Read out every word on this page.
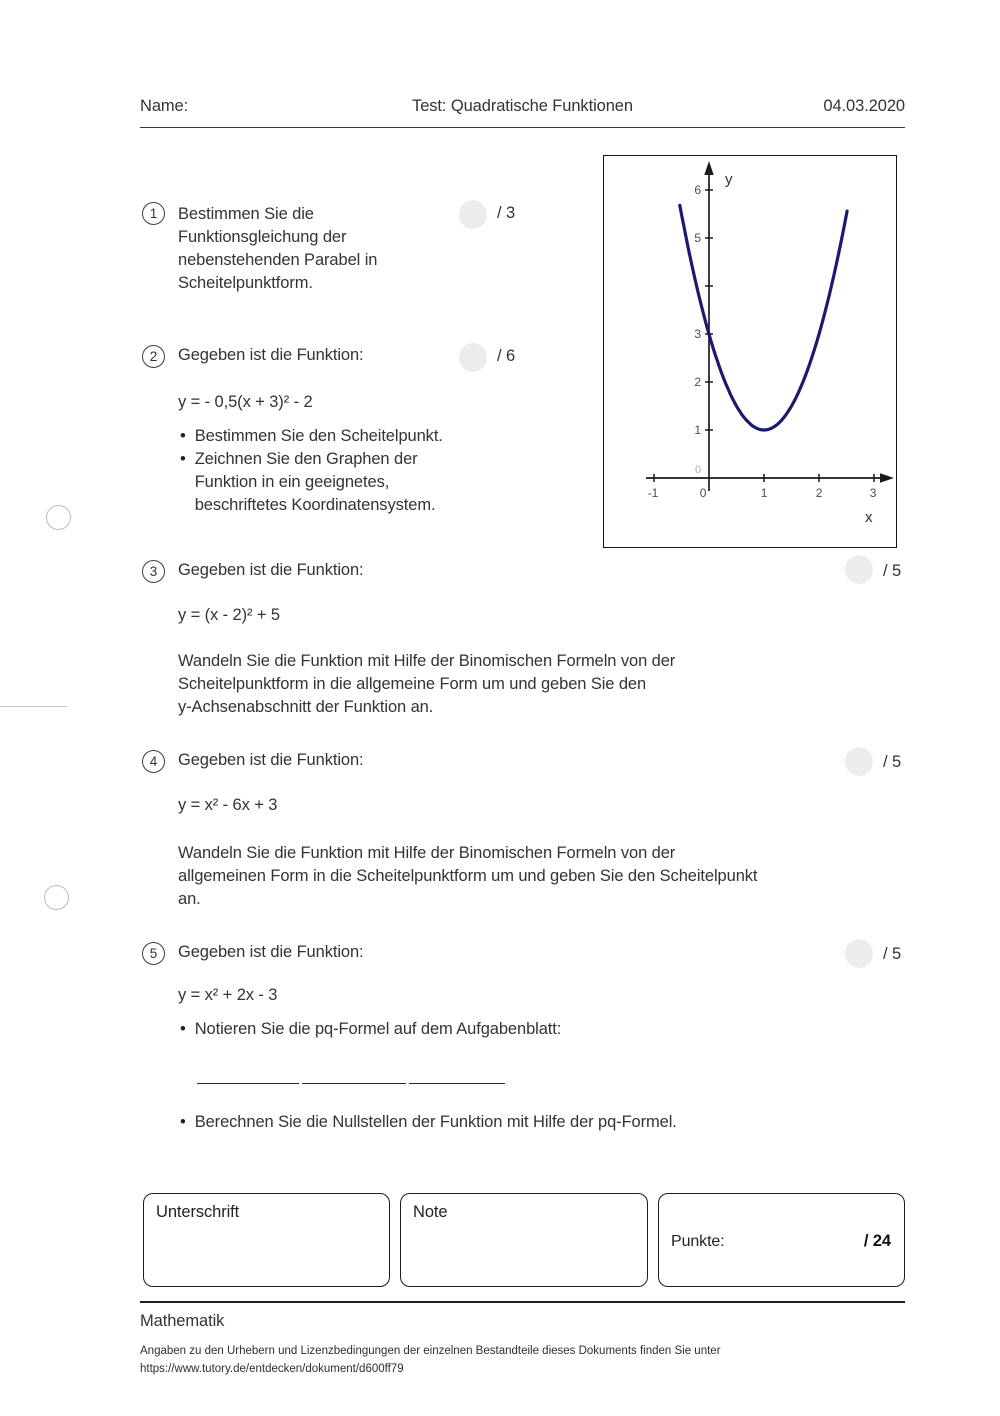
Name:	Test: Quadratische Funktionen	04.03.2020
1	Bestimmen Sie die
Funktionsgleichung der
nebenstehenden Parabel in
Scheitelpunktform.
/ 3
2	Gegeben ist die Funktion:	/ 6
y = - 0,5(x + 3)² - 2
• Bestimmen Sie den Scheitelpunkt.
• Zeichnen Sie den Graphen der
Funktion in ein geeignetes,
beschriftetes Koordinatensystem.
6
5
3
2
1
0
-1	0	1	2	3
y
x
3	Gegeben ist die Funktion:	/ 5
y = (x - 2)² + 5
Wandeln Sie die Funktion mit Hilfe der Binomischen Formeln von der
Scheitelpunktform in die allgemeine Form um und geben Sie den
y-Achsenabschnitt der Funktion an.
4	Gegeben ist die Funktion:	/ 5
y = x² - 6x + 3
Wandeln Sie die Funktion mit Hilfe der Binomischen Formeln von der
allgemeinen Form in die Scheitelpunktform um und geben Sie den Scheitelpunkt
an.
5	Gegeben ist die Funktion:	/ 5
y = x² + 2x - 3
• Notieren Sie die pq-Formel auf dem Aufgabenblatt:
• Berechnen Sie die Nullstellen der Funktion mit Hilfe der pq-Formel.
Unterschrift	Note
Punkte:	/ 24
Mathematik
Angaben zu den Urhebern und Lizenzbedingungen der einzelnen Bestandteile dieses Dokuments finden Sie unter
https://www.tutory.de/entdecken/dokument/d600ff79
